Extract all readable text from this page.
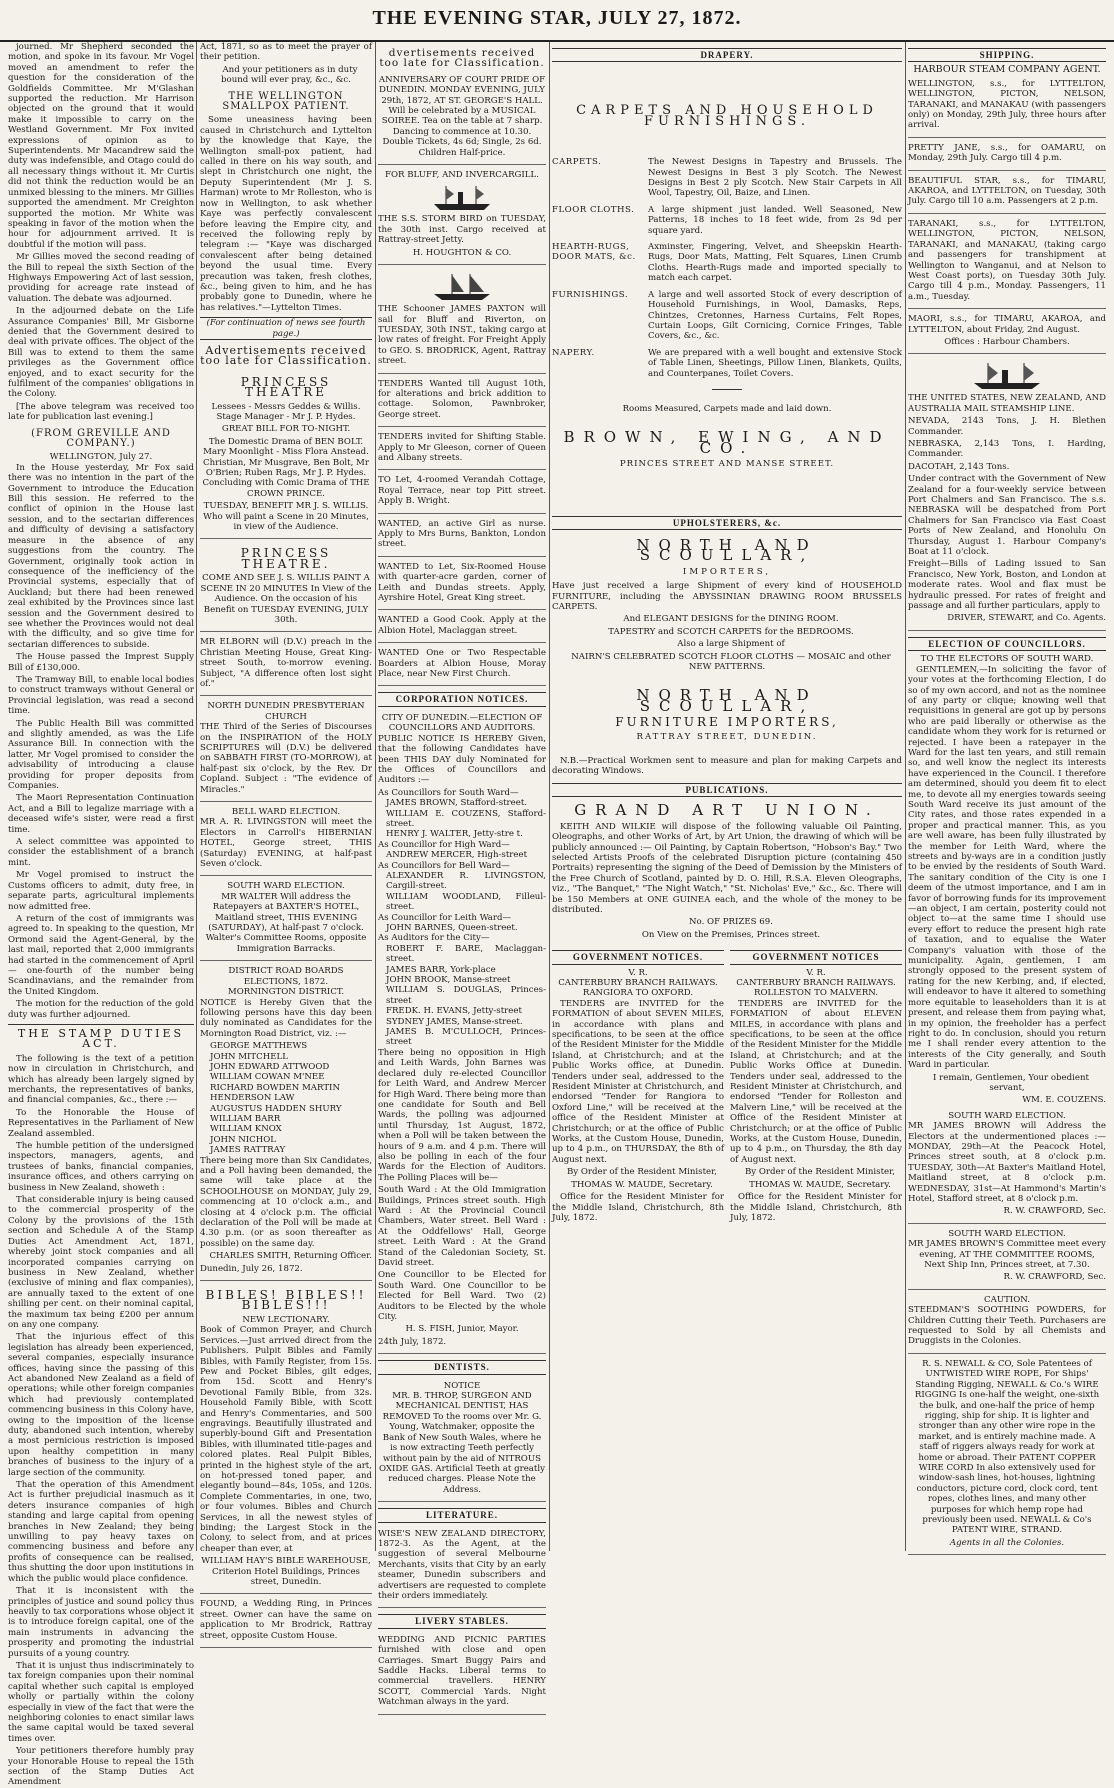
THE EVENING STAR, JULY 27, 1872.

journed. Mr Shepherd seconded the motion, and spoke in its favour. Mr Vogel moved an amendment to refer the question for the consideration of the Goldfields Committee. Mr M'Glashan supported the reduction. Mr Harrison objected on the ground that it would make it impossible to carry on the Westland Government. Mr Fox invited expressions of opinion as to Superintendents. Mr Macandrew said the duty was indefensible, and Otago could do all necessary things without it. Mr Curtis did not think the reduction would be an unmixed blessing to the miners. Mr Gillies supported the amendment. Mr Creighton supported the motion. Mr White was speaking in favor of the motion when the hour for adjournment arrived. It is doubtful if the motion will pass.

Mr Gillies moved the second reading of the Bill to repeal the sixth Section of the Highways Empowering Act of last session, providing for acreage rate instead of valuation. The debate was adjourned.

In the adjourned debate on the Life Assurance Companies' Bill, Mr Gisborne denied that the Government desired to deal with private offices. The object of the Bill was to extend to them the same privileges as the Government office enjoyed, and to exact security for the fulfilment of the companies' obligations in the Colony.

[The above telegram was received too late for publication last evening.]

(FROM GREVILLE AND COMPANY.)
WELLINGTON, July 27.

In the House yesterday, Mr Fox said there was no intention in the part of the Government to introduce the Education Bill this session. He referred to the conflict of opinion in the House last session, and to the sectarian differences and difficulty of devising a satisfactory measure in the absence of any suggestions from the country. The Government, originally took action in consequence of the inefficiency of the Provincial systems, especially that of Auckland; but there had been renewed zeal exhibited by the Provinces since last session and the Government desired to see whether the Provinces would not deal with the difficulty, and so give time for sectarian differences to subside.

The House passed the Imprest Supply Bill of £130,000.

The Tramway Bill, to enable local bodies to construct tramways without General or Provincial legislation, was read a second time.

The Public Health Bill was committed and slightly amended, as was the Life Assurance Bill. In connection with the latter, Mr Vogel promised to consider the advisability of introducing a clause providing for proper deposits from Companies.

The Maori Representation Continuation Act, and a Bill to legalize marriage with a deceased wife's sister, were read a first time.

A select committee was appointed to consider the establishment of a branch mint.

Mr Vogel promised to instruct the Customs officers to admit, duty free, in separate parts, agricultural implements now admitted free.

A return of the cost of immigrants was agreed to. In speaking to the question, Mr Ormond said the Agent-General, by the last mail, reported that 2,000 immigrants had started in the commencement of April — one-fourth of the number being Scandinavians, and the remainder from the United Kingdom.

The motion for the reduction of the gold duty was further adjourned.

THE STAMP DUTIES ACT.

The following is the text of a petition now in circulation in Christchurch, and which has already been largely signed by merchants, the representatives of banks, and financial companies, &c., there :—

To the Honorable the House of Representatives in the Parliament of New Zealand assembled.

The humble petition of the undersigned inspectors, managers, agents, and trustees of banks, financial companies, insurance offices, and others carrying on business in New Zealand, showeth :

That considerable injury is being caused to the commercial prosperity of the Colony by the provisions of the 15th section and Schedule A of the Stamp Duties Act Amendment Act, 1871, whereby joint stock companies and all incorporated companies carrying on business in New Zealand, whether (exclusive of mining and flax companies), are annually taxed to the extent of one shilling per cent. on their nominal capital, the maximum tax being £200 per annum on any one company.

That the injurious effect of this legislation has already been experienced, several companies, especially insurance offices, having since the passing of this Act abandoned New Zealand as a field of operations; while other foreign companies which had previously contemplated commencing business in this Colony have, owing to the imposition of the license duty, abandoned such intention, whereby a most pernicious restriction is imposed upon healthy competition in many branches of business to the injury of a large section of the community.

That the operation of this Amendment Act is further prejudicial inasmuch as it deters insurance companies of high standing and large capital from opening branches in New Zealand; they being unwilling to pay heavy taxes on commencing business and before any profits of consequence can be realised, thus shutting the door upon institutions in which the public would place confidence.

That it is inconsistent with the principles of justice and sound policy thus heavily to tax corporations whose object it is to introduce foreign capital, one of the main instruments in advancing the prosperity and promoting the industrial pursuits of a young country.

That it is unjust thus indiscriminately to tax foreign companies upon their nominal capital whether such capital is employed wholly or partially within the colony especially in view of the fact that were the neighboring colonies to enact similar laws the same capital would be taxed several times over.

Your petitioners therefore humbly pray your Honorable House to repeal the 15th section of the Stamp Duties Act Amendment

Act, 1871, so as to meet the prayer of their petition.

And your petitioners as in duty bound will ever pray, &c., &c.

THE WELLINGTON SMALLPOX PATIENT.

Some uneasiness having been caused in Christchurch and Lyttelton by the knowledge that Kaye, the Wellington small-pox patient, had called in there on his way south, and slept in Christchurch one night, the Deputy Superintendent (Mr J. S. Harman) wrote to Mr Rolleston, who is now in Wellington, to ask whether Kaye was perfectly convalescent before leaving the Empire city, and received the following reply by telegram :— "Kaye was discharged convalescent after being detained beyond the usual time. Every precaution was taken, fresh clothes, &c., being given to him, and he has probably gone to Dunedin, where he has relatives."—Lyttelton Times.

(For continuation of news see fourth page.)
Advertisements received too late for Classification.
PRINCESS THEATRE

Lessees - Messrs Geddes & Willis. Stage Manager - Mr J. P. Hydes.

GREAT BILL FOR TO-NIGHT.

The Domestic Drama of BEN BOLT. Mary Moonlight - Miss Flora Anstead. Christian, Mr Musgrave, Ben Bolt, Mr O'Brien; Ruben Rags, Mr J. P. Hydes. Concluding with Comic Drama of THE CROWN PRINCE.

TUESDAY, BENEFIT MR J. S. WILLIS. Who will paint a Scene in 20 Minutes, in view of the Audience.

PRINCESS THEATRE.

COME AND SEE J. S. WILLIS PAINT A SCENE IN 20 MINUTES In View of the Audience. On the occasion of his Benefit on TUESDAY EVENING, JULY 30th.

MR ELBORN will (D.V.) preach in the Christian Meeting House, Great King-street South, to-morrow evening. Subject, "A difference often lost sight of."

NORTH DUNEDIN PRESBYTERIAN CHURCH

THE Third of the Series of Discourses on the INSPIRATION of the HOLY SCRIPTURES will (D.V.) be delivered on SABBATH FIRST (TO-MORROW), at half-past six o'clock, by the Rev. Dr Copland. Subject : "The evidence of Miracles."

BELL WARD ELECTION.

MR A. R. LIVINGSTON will meet the Electors in Carroll's HIBERNIAN HOTEL, George street, THIS (Saturday) EVENING, at half-past Seven o'clock.

SOUTH WARD ELECTION.

MR WALTER Will address the Ratepayers at BAXTER'S HOTEL, Maitland street, THIS EVENING (SATURDAY), At half-past 7 o'clock. Walter's Committee Rooms, opposite Immigration Barracks.

DISTRICT ROAD BOARDS ELECTIONS, 1872.
MORNINGTON DISTRICT.

NOTICE is Hereby Given that the following persons have this day been duly nominated as Candidates for the Mornington Road District, viz. :—

GEORGE MATTHEWS
JOHN MITCHELL
JOHN EDWARD ATTWOOD
WILLIAM COWAN M'NEE
RICHARD BOWDEN MARTIN
HENDERSON LAW
AUGUSTUS HADDEN SHURY
WILLIAM BARR
WILLIAM KNOX
JOHN NICHOL
JAMES RATTRAY

There being more than Six Candidates, and a Poll having been demanded, the same will take place at the SCHOOLHOUSE on MONDAY, July 29, commencing at 10 o'clock a.m., and closing at 4 o'clock p.m. The official declaration of the Poll will be made at 4.30 p.m. (or as soon thereafter as possible) on the same day.

CHARLES SMITH, Returning Officer.

Dunedin, July 26, 1872.

BIBLES! BIBLES!! BIBLES!!!
NEW LECTIONARY.

Book of Common Prayer, and Church Services.—Just arrived direct from the Publishers. Pulpit Bibles and Family Bibles, with Family Register, from 15s. Pew and Pocket Bibles, gilt edges, from 15d. Scott and Henry's Devotional Family Bible, from 32s. Household Family Bible, with Scott and Henry's Commentaries, and 500 engravings. Beautifully illustrated and superbly-bound Gift and Presentation Bibles, with illuminated title-pages and colored plates. Real Pulpit Bibles, printed in the highest style of the art, on hot-pressed toned paper, and elegantly bound—84s, 105s, and 120s. Complete Commentaries, in one, two, or four volumes. Bibles and Church Services, in all the newest styles of binding; the Largest Stock in the Colony, to select from, and at prices cheaper than ever, at

WILLIAM HAY'S BIBLE WAREHOUSE, Criterion Hotel Buildings, Princes street, Dunedin.

FOUND, a Wedding Ring, in Princes street. Owner can have the same on application to Mr Brodrick, Rattray street, opposite Custom House.

dvertisements received too late for Classification.

ANNIVERSARY OF COURT PRIDE OF DUNEDIN. MONDAY EVENING, JULY 29th, 1872, AT ST. GEORGE'S HALL. Will be celebrated by a MUSICAL SOIREE. Tea on the table at 7 sharp. Dancing to commence at 10.30. Double Tickets, 4s 6d; Single, 2s 6d. Children Half-price.

FOR BLUFF, AND INVERCARGILL.

THE S.S. STORM BIRD on TUESDAY, the 30th inst. Cargo received at Rattray-street Jetty.

H. HOUGHTON & CO.

THE Schooner JAMES PAXTON will sail for Bluff and Riverton, on TUESDAY, 30th INST., taking cargo at low rates of freight. For Freight Apply to GEO. S. BRODRICK, Agent, Rattray street.

TENDERS Wanted till August 10th, for alterations and brick addition to cottage. Solomon, Pawnbroker, George street.

TENDERS invited for Shifting Stable. Apply to Mr Gleeson, corner of Queen and Albany streets.

TO Let, 4-roomed Verandah Cottage, Royal Terrace, near top Pitt street. Apply B. Wright.

WANTED, an active Girl as nurse. Apply to Mrs Burns, Bankton, London street.

WANTED to Let, Six-Roomed House with quarter-acre garden, corner of Leith and Dundas streets. Apply, Ayrshire Hotel, Great King street.

WANTED a Good Cook. Apply at the Albion Hotel, Maclaggan street.

WANTED One or Two Respectable Boarders at Albion House, Moray Place, near New First Church.

CORPORATION NOTICES.
CITY OF DUNEDIN.—ELECTION OF COUNCILLORS AND AUDITORS.

PUBLIC NOTICE IS HEREBY Given, that the following Candidates have been THIS DAY duly Nominated for the Offices of Councillors and Auditors :—

As Councillors for South Ward—
JAMES BROWN, Stafford-street.
WILLIAM E. COUZENS, Stafford-street.
HENRY J. WALTER, Jetty-stre t.
As Councillor for High Ward—
ANDREW MERCER, High-street
As Councillors for Bell Ward—
ALEXANDER R. LIVINGSTON, Cargill-street.
WILLIAM WOODLAND, Filleul-street.
As Councillor for Leith Ward—
JOHN BARNES, Queen-street.
As Auditors for the City—
ROBERT F. BARE, Maclaggan-street.
JAMES BARR, York-place
JOHN BROOK, Manse-street
WILLIAM S. DOUGLAS, Princes-street
FREDK. H. EVANS, Jetty-street
SYDNEY JAMES, Manse-street.
JAMES B. M'CULLOCH, Princes-street

There being no opposition in High and Leith Wards, John Barnes was declared duly re-elected Councillor for Leith Ward, and Andrew Mercer for High Ward. There being more than one candidate for South and Bell Wards, the polling was adjourned until Thursday, 1st August, 1872, when a Poll will be taken between the hours of 9 a.m. and 4 p.m. There will also be polling in each of the four Wards for the Election of Auditors. The Polling Places will be—

South Ward : At the Old Immigration Buildings, Princes street south. High Ward : At the Provincial Council Chambers, Water street. Bell Ward : At the Oddfellows' Hall, George street. Leith Ward : At the Grand Stand of the Caledonian Society, St. David street.

One Councillor to be Elected for South Ward. One Councillor to be Elected for Bell Ward. Two (2) Auditors to be Elected by the whole City.

H. S. FISH, Junior, Mayor.

24th July, 1872.

DENTISTS.
NOTICE

MR. B. THROP, SURGEON AND MECHANICAL DENTIST, HAS REMOVED To the rooms over Mr. G. Young, Watchmaker, opposite the Bank of New South Wales, where he is now extracting Teeth perfectly without pain by the aid of NITROUS OXIDE GAS. Artificial Teeth at greatly reduced charges. Please Note the Address.

LITERATURE.

WISE'S NEW ZEALAND DIRECTORY, 1872-3. As the Agent, at the suggestion of several Melbourne Merchants, visits that City by an early steamer, Dunedin subscribers and advertisers are requested to complete their orders immediately.

LIVERY STABLES.

WEDDING AND PICNIC PARTIES furnished with close and open Carriages. Smart Buggy Pairs and Saddle Hacks. Liberal terms to commercial travellers. HENRY SCOTT, Commercial Yards. Night Watchman always in the yard.

DRAPERY.
CARPETS AND HOUSEHOLD FURNISHINGS.
CARPETS.	The Newest Designs in Tapestry and Brussels. The Newest Designs in Best 3 ply Scotch. The Newest Designs in Best 2 ply Scotch. New Stair Carpets in All Wool, Tapestry, Oil, Baize, and Linen.
FLOOR CLOTHS.	A large shipment just landed. Well Seasoned, New Patterns, 18 inches to 18 feet wide, from 2s 9d per square yard.
HEARTH-RUGS, DOOR MATS, &c.
Axminster, Fingering, Velvet, and Sheepskin Hearth-Rugs, Door Mats, Matting, Felt Squares, Linen Crumb Cloths. Hearth-Rugs made and imported specially to match each carpet.
FURNISHINGS.	A large and well assorted Stock of every description of Household Furnishings, in Wool, Damasks, Reps, Chintzes, Cretonnes, Harness Curtains, Felt Ropes, Curtain Loops, Gilt Cornicing, Cornice Fringes, Table Covers, &c., &c.
NAPERY.	We are prepared with a well bought and extensive Stock of Table Linen, Sheetings, Pillow Linen, Blankets, Quilts, and Counterpanes, Toilet Covers.
Rooms Measured, Carpets made and laid down.
BROWN, EWING, AND CO.
PRINCES STREET AND MANSE STREET.
UPHOLSTERERS, &c.
NORTH AND SCOULLAR,
IMPORTERS,

Have just received a large Shipment of every kind of HOUSEHOLD FURNITURE, including the ABYSSINIAN DRAWING ROOM BRUSSELS CARPETS.

And ELEGANT DESIGNS for the DINING ROOM.

TAPESTRY and SCOTCH CARPETS for the BEDROOMS.

Also a large Shipment of

NAIRN'S CELEBRATED SCOTCH FLOOR CLOTHS — MOSAIC and other NEW PATTERNS.

NORTH AND SCOULLAR,
FURNITURE IMPORTERS,
RATTRAY STREET, DUNEDIN.

N.B.—Practical Workmen sent to measure and plan for making Carpets and decorating Windows.

PUBLICATIONS.
GRAND ART UNION.

KEITH AND WILKIE will dispose of the following valuable Oil Painting, Oleographs, and other Works of Art, by Art Union, the drawing of which will be publicly announced :— Oil Painting, by Captain Robertson, "Hobson's Bay." Two selected Artists Proofs of the celebrated Disruption picture (containing 450 Portraits) representing the signing of the Deed of Demission by the Ministers of the Free Church of Scotland, painted by D. O. Hill, R.S.A. Eleven Oleographs, viz., "The Banquet," "The Night Watch," "St. Nicholas' Eve," &c., &c. There will be 150 Members at ONE GUINEA each, and the whole of the money to be distributed.

No. OF PRIZES 69.

On View on the Premises, Princes street.

GOVERNMENT NOTICES.
V. R.
CANTERBURY BRANCH RAILWAYS.
RANGIORA TO OXFORD.

TENDERS are INVITED for the FORMATION of about SEVEN MILES, in accordance with plans and specifications, to be seen at the office of the Resident Minister for the Middle Island, at Christchurch; and at the Public Works office, at Dunedin. Tenders under seal, addressed to the Resident Minister at Christchurch, and endorsed "Tender for Rangiora to Oxford Line," will be received at the office of the Resident Minister at Christchurch; or at the office of Public Works, at the Custom House, Dunedin, up to 4 p.m., on THURSDAY, the 8th of August next.

By Order of the Resident Minister,

THOMAS W. MAUDE, Secretary.

Office for the Resident Minister for the Middle Island, Christchurch, 8th July, 1872.

GOVERNMENT NOTICES
V. R.
CANTERBURY BRANCH RAILWAYS.
ROLLESTON TO MALVERN.

TENDERS are INVITED for the FORMATION of about ELEVEN MILES, in accordance with plans and specifications, to be seen at the office of the Resident Minister for the Middle Island, at Christchurch; and at the Public Works Office at Dunedin. Tenders under seal, addressed to the Resident Minister at Christchurch, and endorsed "Tender for Rolleston and Malvern Line," will be received at the Office of the Resident Minister at Christchurch; or at the office of Public Works, at the Custom House, Dunedin, up to 4 p.m., on Thursday, the 8th day of August next.

By Order of the Resident Minister,

THOMAS W. MAUDE, Secretary.

Office for the Resident Minister for the Middle Island, Christchurch, 8th July, 1872.

SHIPPING.
HARBOUR STEAM COMPANY AGENT.

WELLINGTON, s.s., for LYTTELTON, WELLINGTON, PICTON, NELSON, TARANAKI, and MANAKAU (with passengers only) on Monday, 29th July, three hours after arrival.

PRETTY JANE, s.s., for OAMARU, on Monday, 29th July. Cargo till 4 p.m.

BEAUTIFUL STAR, s.s., for TIMARU, AKAROA, and LYTTELTON, on Tuesday, 30th July. Cargo till 10 a.m. Passengers at 2 p.m.

TARANAKI, s.s., for LYTTELTON, WELLINGTON, PICTON, NELSON, TARANAKI, and MANAKAU, (taking cargo and passengers for transhipment at Wellington to Wanganui, and at Nelson to West Coast ports), on Tuesday 30th July. Cargo till 4 p.m., Monday. Passengers, 11 a.m., Tuesday.

MAORI, s.s., for TIMARU, AKAROA, and LYTTELTON, about Friday, 2nd August.

Offices : Harbour Chambers.

THE UNITED STATES, NEW ZEALAND, AND AUSTRALIA MAIL STEAMSHIP LINE.

NEVADA, 2143 Tons, J. H. Blethen Commander.

NEBRASKA, 2,143 Tons, I. Harding, Commander.

DACOTAH, 2,143 Tons.

Under contract with the Government of New Zealand for a four-weekly service between Port Chalmers and San Francisco. The s.s. NEBRASKA will be despatched from Port Chalmers for San Francisco via East Coast Ports of New Zealand, and Honolulu On Thursday, August 1. Harbour Company's Boat at 11 o'clock.

Freight—Bills of Lading issued to San Francisco, New York, Boston, and London at moderate rates. Wool and flax must be hydraulic pressed. For rates of freight and passage and all further particulars, apply to

DRIVER, STEWART, and Co. Agents.

ELECTION OF COUNCILLORS.
TO THE ELECTORS OF SOUTH WARD.

GENTLEMEN,—In soliciting the favor of your votes at the forthcoming Election, I do so of my own accord, and not as the nominee of any party or clique; knowing well that requisitions in general are got up by persons who are paid liberally or otherwise as the candidate whom they work for is returned or rejected. I have been a ratepayer in the Ward for the last ten years, and still remain so, and well know the neglect its interests have experienced in the Council. I therefore am determined, should you deem fit to elect me, to devote all my energies towards seeing South Ward receive its just amount of the City rates, and those rates expended in a proper and practical manner. This, as you are well aware, has been fully illustrated by the member for Leith Ward, where the streets and by-ways are in a condition justly to be envied by the residents of South Ward. The sanitary condition of the City is one I deem of the utmost importance, and I am in favor of borrowing funds for its improvement—an object, I am certain, posterity could not object to—at the same time I should use every effort to reduce the present high rate of taxation, and to equalise the Water Company's valuation with those of the municipality. Again, gentlemen, I am strongly opposed to the present system of rating for the new Kerbing, and, if elected, will endeavor to have it altered to something more equitable to leaseholders than it is at present, and release them from paying what, in my opinion, the freeholder has a perfect right to do. In conclusion, should you return me I shall render every attention to the interests of the City generally, and South Ward in particular.

I remain, Gentlemen, Your obedient servant,

WM. E. COUZENS.

SOUTH WARD ELECTION.

MR JAMES BROWN will Address the Electors at the undermentioned places :— MONDAY, 29th—At the Peacock Hotel, Princes street south, at 8 o'clock p.m. TUESDAY, 30th—At Baxter's Maitland Hotel, Maitland street, at 8 o'clock p.m. WEDNESDAY, 31st—At Hammond's Martin's Hotel, Stafford street, at 8 o'clock p.m.

R. W. CRAWFORD, Sec.

SOUTH WARD ELECTION.

MR JAMES BROWN'S Committee meet every evening, AT THE COMMITTEE ROOMS, Next Ship Inn, Princes street, at 7.30.

R. W. CRAWFORD, Sec.

CAUTION.

STEEDMAN'S SOOTHING POWDERS, for Children Cutting their Teeth. Purchasers are requested to Sold by all Chemists and Druggists in the Colonies.

R. S. NEWALL & CO, Sole Patentees of UNTWISTED WIRE ROPE, For Ships' Standing Rigging, NEWALL & Co.'s WIRE RIGGING Is one-half the weight, one-sixth the bulk, and one-half the price of hemp rigging, ship for ship. It is lighter and stronger than any other wire rope in the market, and is entirely machine made. A staff of riggers always ready for work at home or abroad. Their PATENT COPPER WIRE CORD In also extensively used for window-sash lines, hot-houses, lightning conductors, picture cord, clock cord, tent ropes, clothes lines, and many other purposes for which hemp rope had previously been used. NEWALL & Co's PATENT WIRE, STRAND.

Agents in all the Colonies.
